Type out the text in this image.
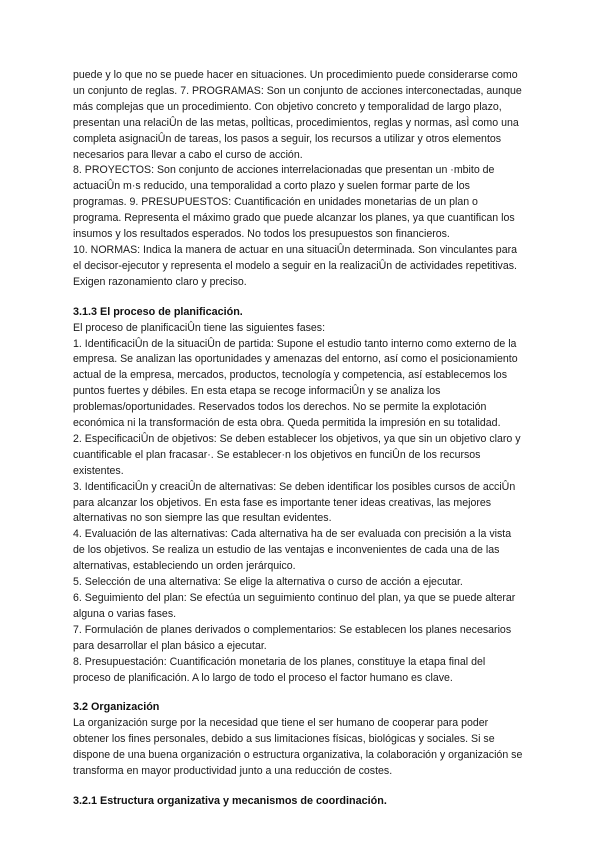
puede y lo que no se puede hacer en situaciones. Un procedimiento puede considerarse como un conjunto de reglas. 7. PROGRAMAS: Son un conjunto de acciones interconectadas, aunque más complejas que un procedimiento. Con objetivo concreto y temporalidad de largo plazo, presentan una relaciÛn de las metas, polÌticas, procedimientos, reglas y normas, asÌ como una completa asignaciÛn de tareas, los pasos a seguir, los recursos a utilizar y otros elementos necesarios para llevar a cabo el curso de acción.

8. PROYECTOS: Son conjunto de acciones interrelacionadas que presentan un ·mbito de actuaciÛn m·s reducido, una temporalidad a corto plazo y suelen formar parte de los programas. 9. PRESUPUESTOS: Cuantificación en unidades monetarias de un plan o programa. Representa el máximo grado que puede alcanzar los planes, ya que cuantifican los insumos y los resultados esperados. No todos los presupuestos son financieros.

10. NORMAS: Indica la manera de actuar en una situaciÛn determinada. Son vinculantes para el decisor-ejecutor y representa el modelo a seguir en la realizaciÛn de actividades repetitivas. Exigen razonamiento claro y preciso.

3.1.3 El proceso de planificación.

El proceso de planificaciÛn tiene las siguientes fases:

1. IdentificaciÛn de la situaciÛn de partida: Supone el estudio tanto interno como externo de la empresa. Se analizan las oportunidades y amenazas del entorno, así como el posicionamiento actual de la empresa, mercados, productos, tecnología y competencia, así establecemos los puntos fuertes y débiles. En esta etapa se recoge informaciÛn y se analiza los problemas/oportunidades. Reservados todos los derechos. No se permite la explotación económica ni la transformación de esta obra. Queda permitida la impresión en su totalidad.

2. EspecificaciÛn de objetivos: Se deben establecer los objetivos, ya que sin un objetivo claro y cuantificable el plan fracasar·. Se establecer·n los objetivos en funciÛn de los recursos existentes.

3. IdentificaciÛn y creaciÛn de alternativas: Se deben identificar los posibles cursos de acciÛn para alcanzar los objetivos. En esta fase es importante tener ideas creativas, las mejores alternativas no son siempre las que resultan evidentes.

4. Evaluación de las alternativas: Cada alternativa ha de ser evaluada con precisión a la vista de los objetivos. Se realiza un estudio de las ventajas e inconvenientes de cada una de las alternativas, estableciendo un orden jerárquico.

5. Selección de una alternativa: Se elige la alternativa o curso de acción a ejecutar.

6. Seguimiento del plan: Se efectúa un seguimiento continuo del plan, ya que se puede alterar alguna o varias fases.

7. Formulación de planes derivados o complementarios: Se establecen los planes necesarios para desarrollar el plan básico a ejecutar.

8. Presupuestación: Cuantificación monetaria de los planes, constituye la etapa final del proceso de planificación. A lo largo de todo el proceso el factor humano es clave.

3.2 Organización

La organización surge por la necesidad que tiene el ser humano de cooperar para poder obtener los fines personales, debido a sus limitaciones físicas, biológicas y sociales. Si se dispone de una buena organización o estructura organizativa, la colaboración y organización se transforma en mayor productividad junto a una reducción de costes.

3.2.1 Estructura organizativa y mecanismos de coordinación.
